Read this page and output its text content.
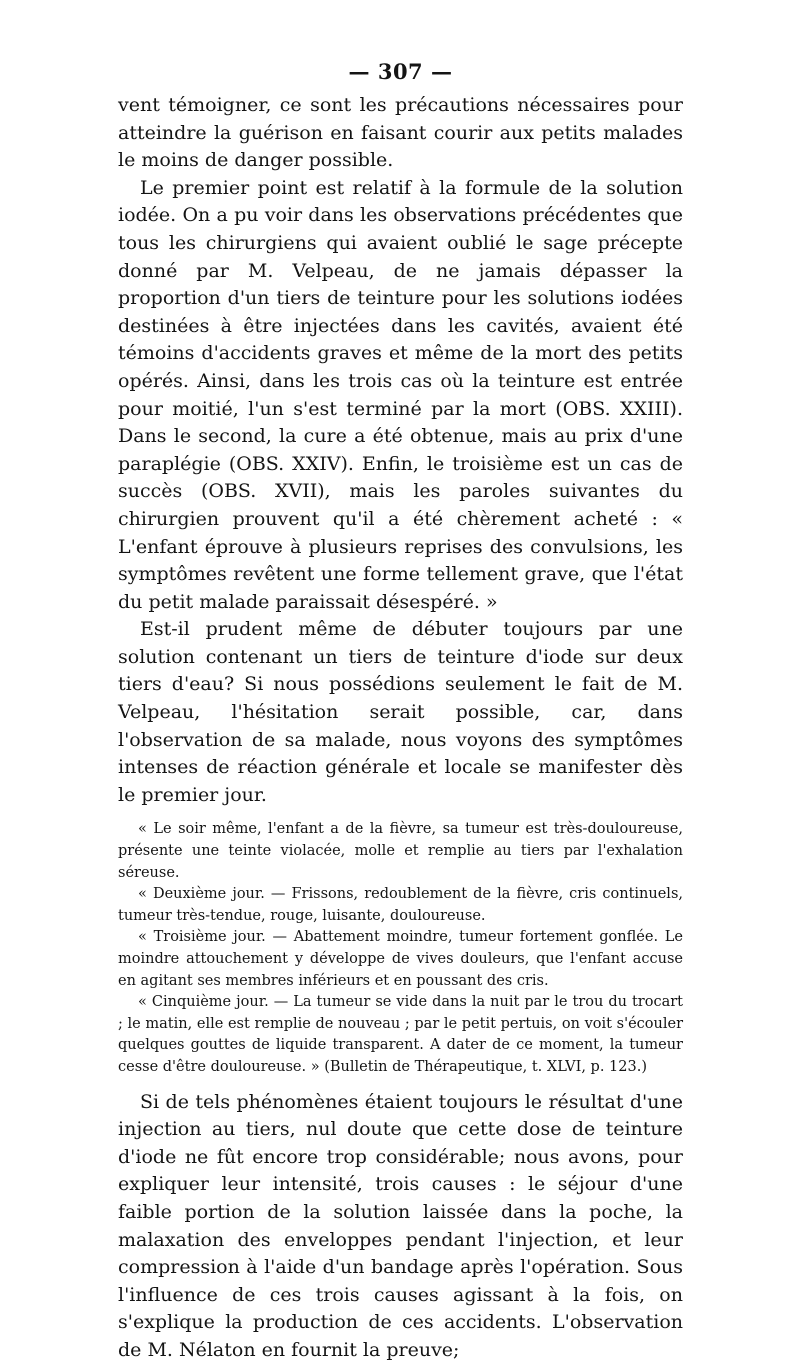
— 307 —

vent témoigner, ce sont les précautions nécessaires pour atteindre la guérison en faisant courir aux petits malades le moins de danger possible.

Le premier point est relatif à la formule de la solution iodée. On a pu voir dans les observations précédentes que tous les chirurgiens qui avaient oublié le sage précepte donné par M. Velpeau, de ne jamais dépasser la proportion d'un tiers de teinture pour les solutions iodées destinées à être injectées dans les cavités, avaient été témoins d'accidents graves et même de la mort des petits opérés. Ainsi, dans les trois cas où la teinture est entrée pour moitié, l'un s'est terminé par la mort (OBS. XXIII). Dans le second, la cure a été obtenue, mais au prix d'une paraplégie (OBS. XXIV). Enfin, le troisième est un cas de succès (OBS. XVII), mais les paroles suivantes du chirurgien prouvent qu'il a été chèrement acheté : « L'enfant éprouve à plusieurs reprises des convulsions, les symptômes revêtent une forme tellement grave, que l'état du petit malade paraissait désespéré. »

Est-il prudent même de débuter toujours par une solution contenant un tiers de teinture d'iode sur deux tiers d'eau? Si nous possédions seulement le fait de M. Velpeau, l'hésitation serait possible, car, dans l'observation de sa malade, nous voyons des symptômes intenses de réaction générale et locale se manifester dès le premier jour.

« Le soir même, l'enfant a de la fièvre, sa tumeur est très-douloureuse, présente une teinte violacée, molle et remplie au tiers par l'exhalation séreuse.

« Deuxième jour. — Frissons, redoublement de la fièvre, cris continuels, tumeur très-tendue, rouge, luisante, douloureuse.

« Troisième jour. — Abattement moindre, tumeur fortement gonflée. Le moindre attouchement y développe de vives douleurs, que l'enfant accuse en agitant ses membres inférieurs et en poussant des cris.

« Cinquième jour. — La tumeur se vide dans la nuit par le trou du trocart ; le matin, elle est remplie de nouveau ; par le petit pertuis, on voit s'écouler quelques gouttes de liquide transparent. A dater de ce moment, la tumeur cesse d'être douloureuse. » (Bulletin de Thérapeutique, t. XLVI, p. 123.)

Si de tels phénomènes étaient toujours le résultat d'une injection au tiers, nul doute que cette dose de teinture d'iode ne fût encore trop considérable; nous avons, pour expliquer leur intensité, trois causes : le séjour d'une faible portion de la solution laissée dans la poche, la malaxation des enveloppes pendant l'injection, et leur compression à l'aide d'un bandage après l'opération. Sous l'influence de ces trois causes agissant à la fois, on s'explique la production de ces accidents. L'observation de M. Nélaton en fournit la preuve;
